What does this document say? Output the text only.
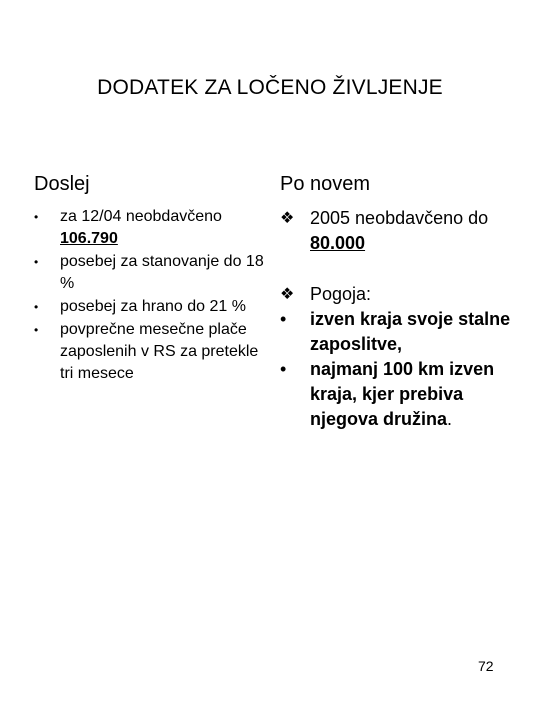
DODATEK ZA LOČENO ŽIVLJENJE
Doslej
• za 12/04 neobdavčeno
106.790
• posebej za stanovanje do 18 %
• posebej za hrano do 21 %
• povprečne mesečne plače zaposlenih v RS za pretekle tri mesece
Po novem
❖ 2005 neobdavčeno do
80.000
❖ Pogoja:
•	izven kraja svoje stalne zaposlitve,
•	najmanj 100 km izven kraja, kjer prebiva njegova družina.
72
